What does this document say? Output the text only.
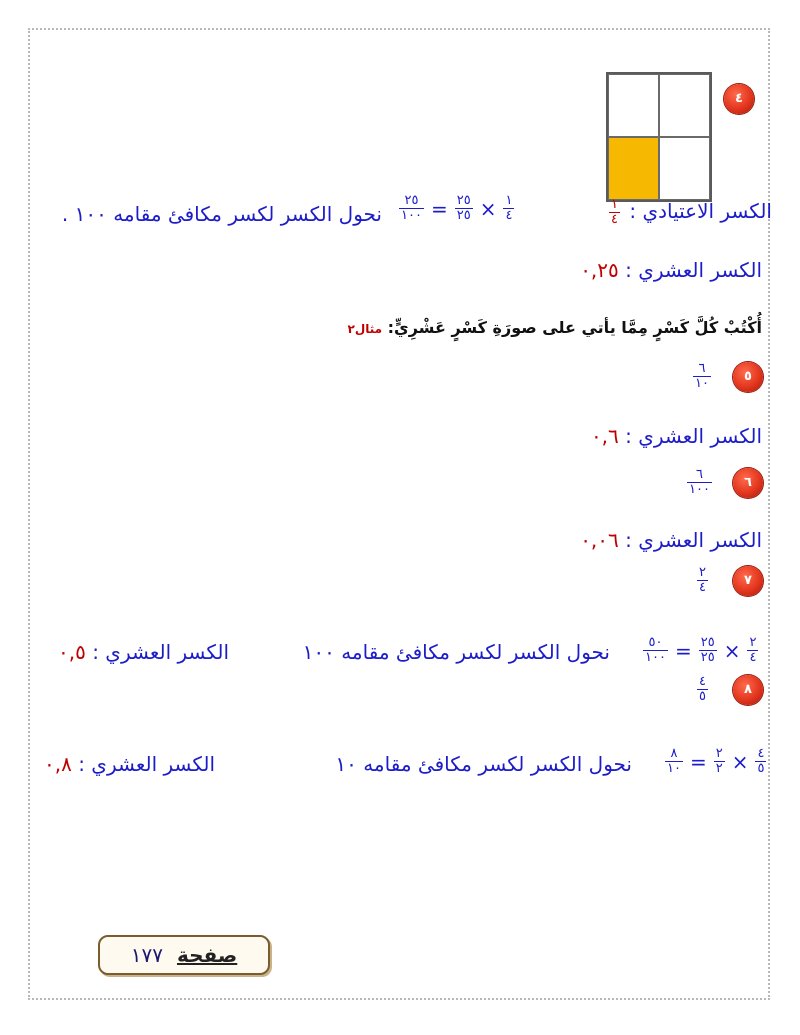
٤
الكسر الاعتيادي :
$\frac{١}{٤}$
$\frac{٢٥}{١٠٠} = \frac{٢٥}{٢٥} \times \frac{١}{٤}$
نحول الكسر لكسر مكافئ مقامه ١٠٠ .
الكسر العشري : ٠,٢٥
أُكْتُبْ كُلَّ كَسْرٍ مِمَّا يأتي على صورَةِ كَسْرٍ عَشْرِيٍّ: مثال٢
٥
$\frac{٦}{١٠}$
الكسر العشري : ٠,٦
٦
$\frac{٦}{١٠٠}$
الكسر العشري : ٠,٠٦
٧
$\frac{٢}{٤}$
$\frac{٥٠}{١٠٠} = \frac{٢٥}{٢٥} \times \frac{٢}{٤}$
نحول الكسر لكسر مكافئ مقامه ١٠٠
الكسر العشري : ٠,٥
٨
$\frac{٤}{٥}$
$\frac{٨}{١٠} = \frac{٢}{٢} \times \frac{٤}{٥}$
نحول الكسر لكسر مكافئ مقامه ١٠
الكسر العشري : ٠,٨
صفحة
١٧٧
